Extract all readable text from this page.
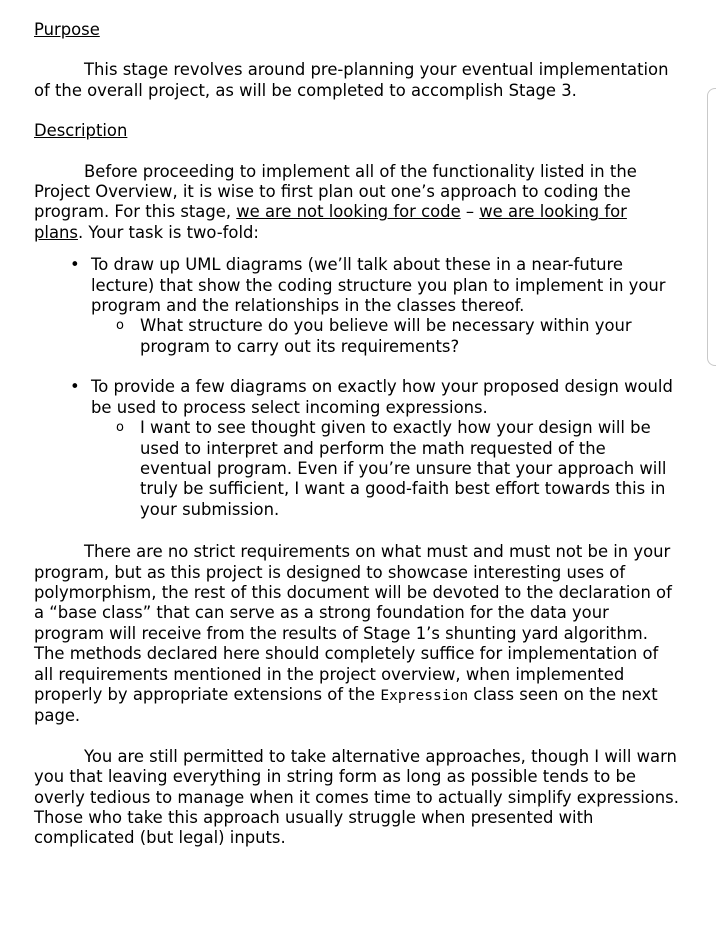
Purpose

This stage revolves around pre-planning your eventual implementation of the overall project, as will be completed to accomplish Stage 3.

Description

Before proceeding to implement all of the functionality listed in the Project Overview, it is wise to first plan out one’s approach to coding the program. For this stage, we are not looking for code – we are looking for plans. Your task is two-fold:

• To draw up UML diagrams (we’ll talk about these in a near-future lecture) that show the coding structure you plan to implement in your program and the relationships in the classes thereof.
o What structure do you believe will be necessary within your program to carry out its requirements?
• To provide a few diagrams on exactly how your proposed design would be used to process select incoming expressions.
o I want to see thought given to exactly how your design will be used to interpret and perform the math requested of the eventual program. Even if you’re unsure that your approach will truly be sufficient, I want a good-faith best effort towards this in your submission.

There are no strict requirements on what must and must not be in your program, but as this project is designed to showcase interesting uses of polymorphism, the rest of this document will be devoted to the declaration of a “base class” that can serve as a strong foundation for the data your program will receive from the results of Stage 1’s shunting yard algorithm. The methods declared here should completely suffice for implementation of all requirements mentioned in the project overview, when implemented properly by appropriate extensions of the Expression class seen on the next page.

You are still permitted to take alternative approaches, though I will warn you that leaving everything in string form as long as possible tends to be overly tedious to manage when it comes time to actually simplify expressions. Those who take this approach usually struggle when presented with complicated (but legal) inputs.
